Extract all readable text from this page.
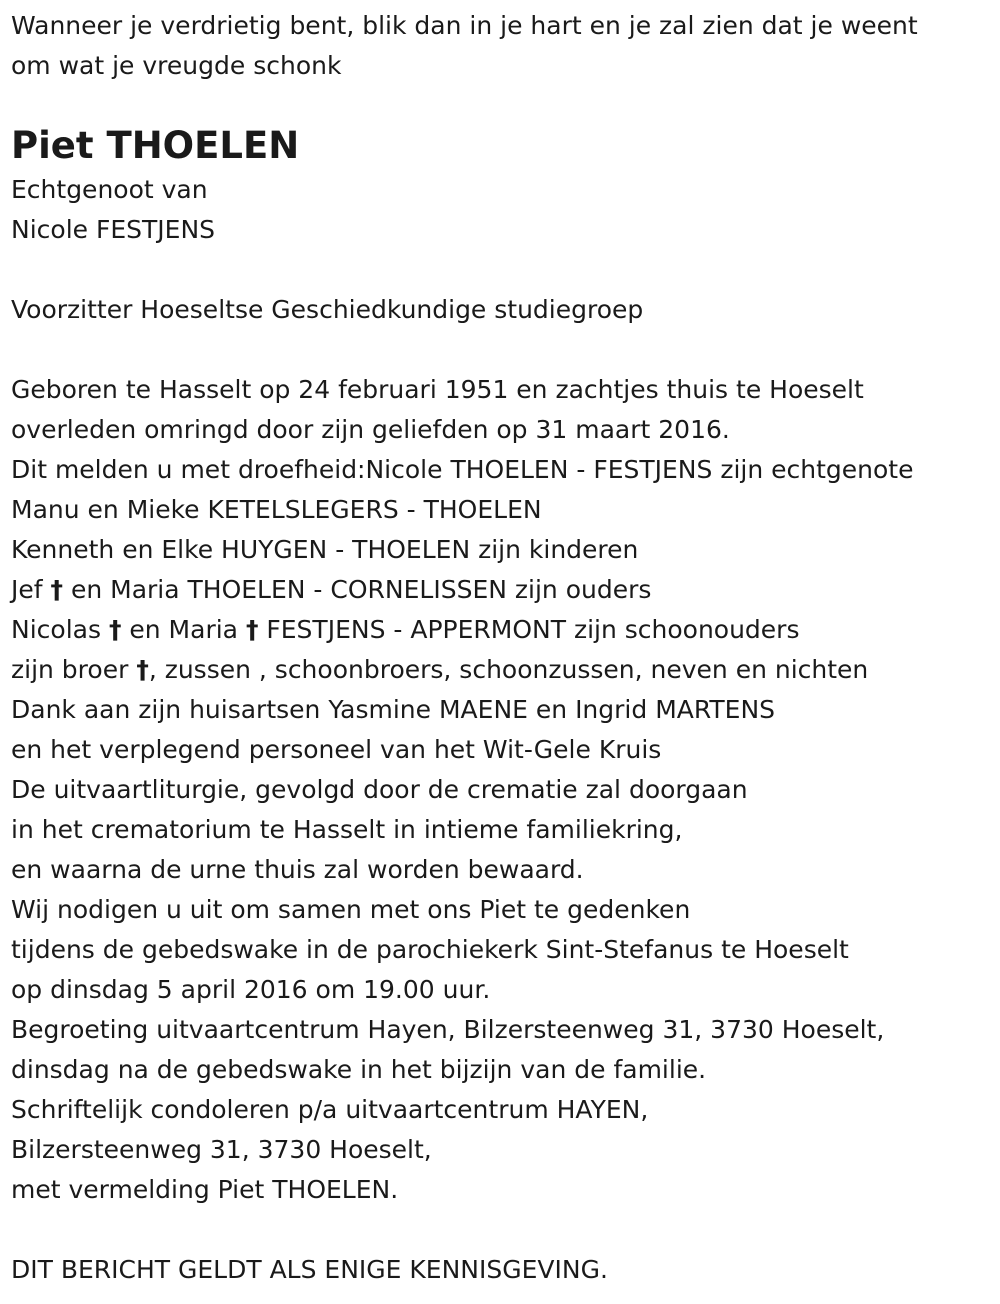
Wanneer je verdrietig bent, blik dan in je hart en je zal zien dat je weent
om wat je vreugde schonk
Piet THOELEN
Echtgenoot van
Nicole FESTJENS
Voorzitter Hoeseltse Geschiedkundige studiegroep
Geboren te Hasselt op 24 februari 1951 en zachtjes thuis te Hoeselt
overleden omringd door zijn geliefden op 31 maart 2016.
Dit melden u met droefheid:Nicole THOELEN - FESTJENS zijn echtgenote
Manu en Mieke KETELSLEGERS - THOELEN
Kenneth en Elke HUYGEN - THOELEN zijn kinderen
Jef † en Maria THOELEN - CORNELISSEN zijn ouders
Nicolas † en Maria † FESTJENS - APPERMONT zijn schoonouders
zijn broer †, zussen , schoonbroers, schoonzussen, neven en nichten
Dank aan zijn huisartsen Yasmine MAENE en Ingrid MARTENS
en het verplegend personeel van het Wit-Gele Kruis
De uitvaartliturgie, gevolgd door de crematie zal doorgaan
in het crematorium te Hasselt in intieme familiekring,
en waarna de urne thuis zal worden bewaard.
Wij nodigen u uit om samen met ons Piet te gedenken
tijdens de gebedswake in de parochiekerk Sint-Stefanus te Hoeselt
op dinsdag 5 april 2016 om 19.00 uur.
Begroeting uitvaartcentrum Hayen, Bilzersteenweg 31, 3730 Hoeselt,
dinsdag na de gebedswake in het bijzijn van de familie.
Schriftelijk condoleren p/a uitvaartcentrum HAYEN,
Bilzersteenweg 31, 3730 Hoeselt,
met vermelding Piet THOELEN.
DIT BERICHT GELDT ALS ENIGE KENNISGEVING.
